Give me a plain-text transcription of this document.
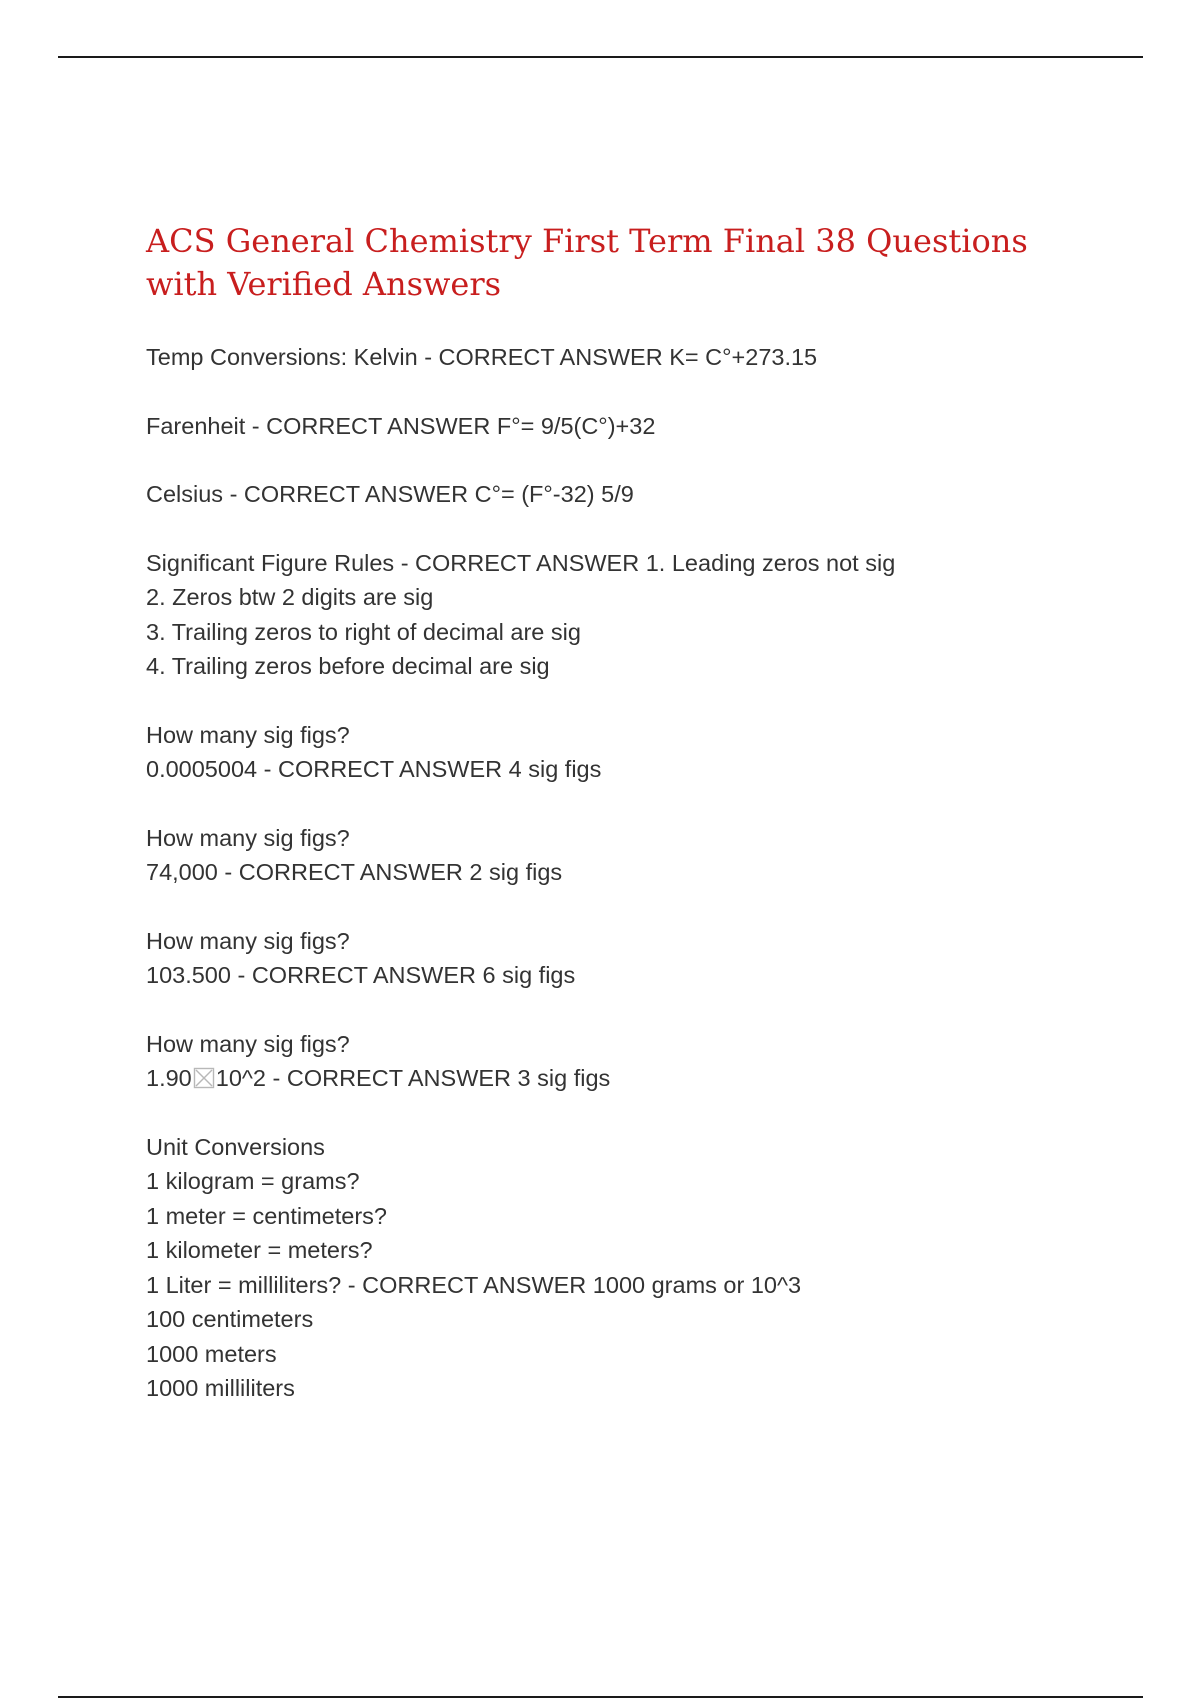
ACS General Chemistry First Term Final 38 Questions with Verified Answers
Temp Conversions: Kelvin - CORRECT ANSWER K= C°+273.15
Farenheit - CORRECT ANSWER F°= 9/5(C°)+32
Celsius - CORRECT ANSWER C°= (F°-32) 5/9
Significant Figure Rules - CORRECT ANSWER 1. Leading zeros not sig
2. Zeros btw 2 digits are sig
3. Trailing zeros to right of decimal are sig
4. Trailing zeros before decimal are sig
How many sig figs?
0.0005004 - CORRECT ANSWER 4 sig figs
How many sig figs?
74,000 - CORRECT ANSWER 2 sig figs
How many sig figs?
103.500 - CORRECT ANSWER 6 sig figs
How many sig figs?
1.90 10^2 - CORRECT ANSWER 3 sig figs
Unit Conversions
1 kilogram = grams?
1 meter = centimeters?
1 kilometer = meters?
1 Liter = milliliters? - CORRECT ANSWER 1000 grams or 10^3
100 centimeters
1000 meters
1000 milliliters
